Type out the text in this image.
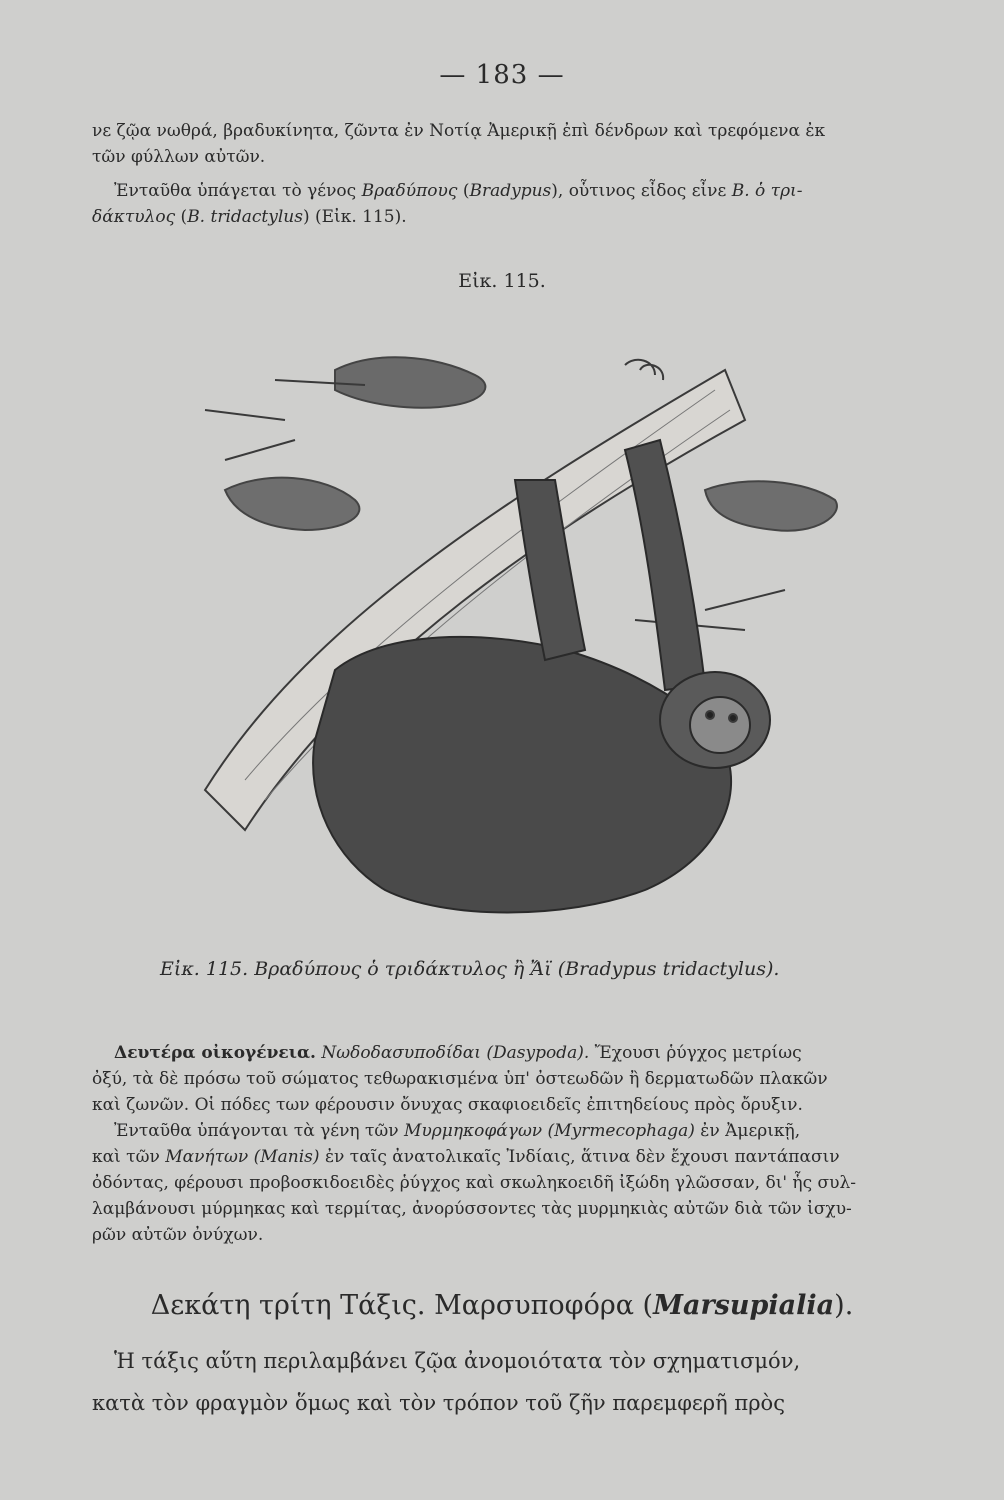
— 183 —
νε ζῷα νωθρά, βραδυκίνητα, ζῶντα ἐν Νοτίᾳ Ἀμερικῇ ἐπὶ δένδρων καὶ τρεφόμενα ἐκ
τῶν φύλλων αὐτῶν.
Ἐνταῦθα ὑπάγεται τὸ γένος Βραδύπους (Bradypus), οὗτινος εἶδος εἶνε Β. ὁ τρι-
δάκτυλος (B. tridactylus) (Εἰκ. 115).
Εἰκ. 115.
Εἰκ. 115. Βραδύπους ὁ τριδάκτυλος ἢ Ἄϊ (Bradypus tridactylus).
Δευτέρα οἰκογένεια. Νωδοδασυποδίδαι (Dasypoda). Ἔχουσι ῥύγχος μετρίως
ὀξύ, τὰ δὲ πρόσω τοῦ σώματος τεθωρακισμένα ὑπ' ὀστεωδῶν ἢ δερματωδῶν πλακῶν
καὶ ζωνῶν. Οἱ πόδες των φέρουσιν ὄνυχας σκαφιοειδεῖς ἐπιτηδείους πρὸς ὄρυξιν.
Ἐνταῦθα ὑπάγονται τὰ γένη τῶν Μυρμηκοφάγων (Myrmecophaga) ἐν Ἀμερικῇ,
καὶ τῶν Μανήτων (Manis) ἐν ταῖς ἀνατολικαῖς Ἰνδίαις, ἅτινα δὲν ἔχουσι παντάπασιν
ὀδόντας, φέρουσι προβοσκιδοειδὲς ῥύγχος καὶ σκωληκοειδῆ ἰξώδη γλῶσσαν, δι' ἧς συλ-
λαμβάνουσι μύρμηκας καὶ τερμίτας, ἀνορύσσοντες τὰς μυρμηκιὰς αὐτῶν διὰ τῶν ἰσχυ-
ρῶν αὐτῶν ὀνύχων.
Δεκάτη τρίτη Τάξις. Μαρσυποφόρα (Marsupialia).
Ἡ τάξις αὕτη περιλαμβάνει ζῷα ἀνομοιότατα τὸν σχηματισμόν,
κατὰ τὸν φραγμὸν ὅμως καὶ τὸν τρόπον τοῦ ζῆν παρεμφερῆ πρὸς
